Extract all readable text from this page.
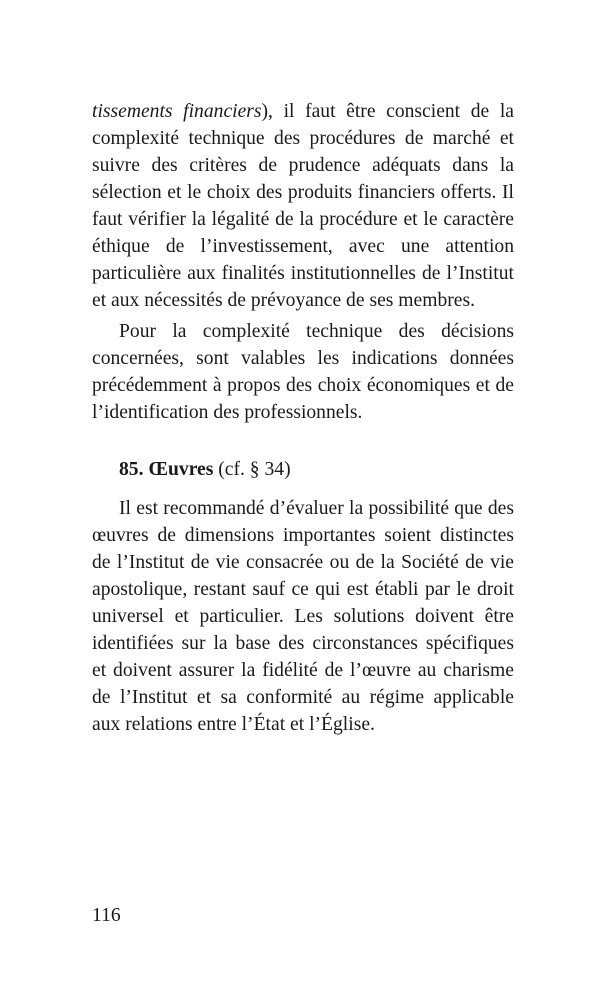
tissements financiers), il faut être conscient de la complexité technique des procédures de marché et suivre des critères de prudence adéquats dans la sélection et le choix des produits financiers offerts. Il faut vérifier la légalité de la procédure et le caractère éthique de l’investissement, avec une attention particulière aux finalités institutionnelles de l’Institut et aux nécessités de prévoyance de ses membres.

Pour la complexité technique des décisions concernées, sont valables les indications données précédemment à propos des choix économiques et de l’identification des professionnels.

85. Œuvres (cf. § 34)

Il est recommandé d’évaluer la possibilité que des œuvres de dimensions importantes soient distinctes de l’Institut de vie consacrée ou de la Société de vie apostolique, restant sauf ce qui est établi par le droit universel et particulier. Les solutions doivent être identifiées sur la base des circonstances spécifiques et doivent assurer la fidélité de l’œuvre au charisme de l’Institut et sa conformité au régime applicable aux relations entre l’État et l’Église.

116
